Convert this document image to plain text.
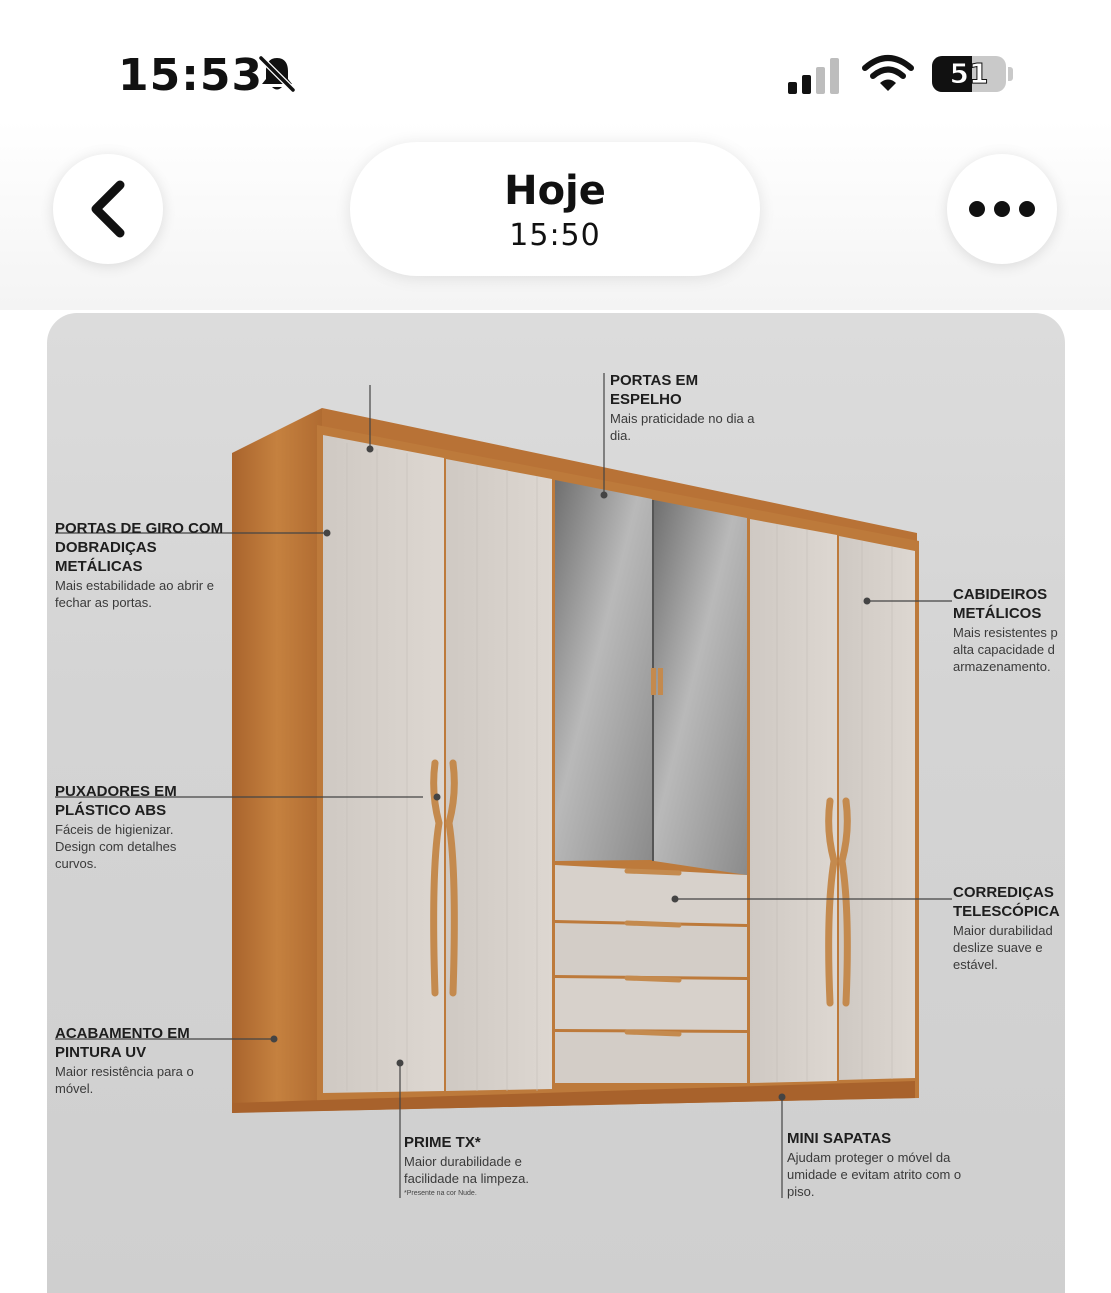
15:53	51
Hoje
15:50
PORTAS EM ESPELHO
Mais praticidade no dia a dia.
PORTAS DE GIRO COM DOBRADIÇAS METÁLICAS
Mais estabilidade ao abrir e fechar as portas.	CABIDEIROS METÁLICOS
Mais resistentes p alta capacidade d armazenamento.
PUXADORES EM PLÁSTICO ABS
Fáceis de higienizar. Design com detalhes curvos.
CORREDIÇAS TELESCÓPICA
Maior durabilidad deslize suave e estável.
ACABAMENTO EM PINTURA UV
Maior resistência para o móvel.
PRIME TX*
Maior durabilidade e facilidade na limpeza.
*Presente na cor Nude.
MINI SAPATAS
Ajudam proteger o móvel da umidade e evitam atrito com o piso.
